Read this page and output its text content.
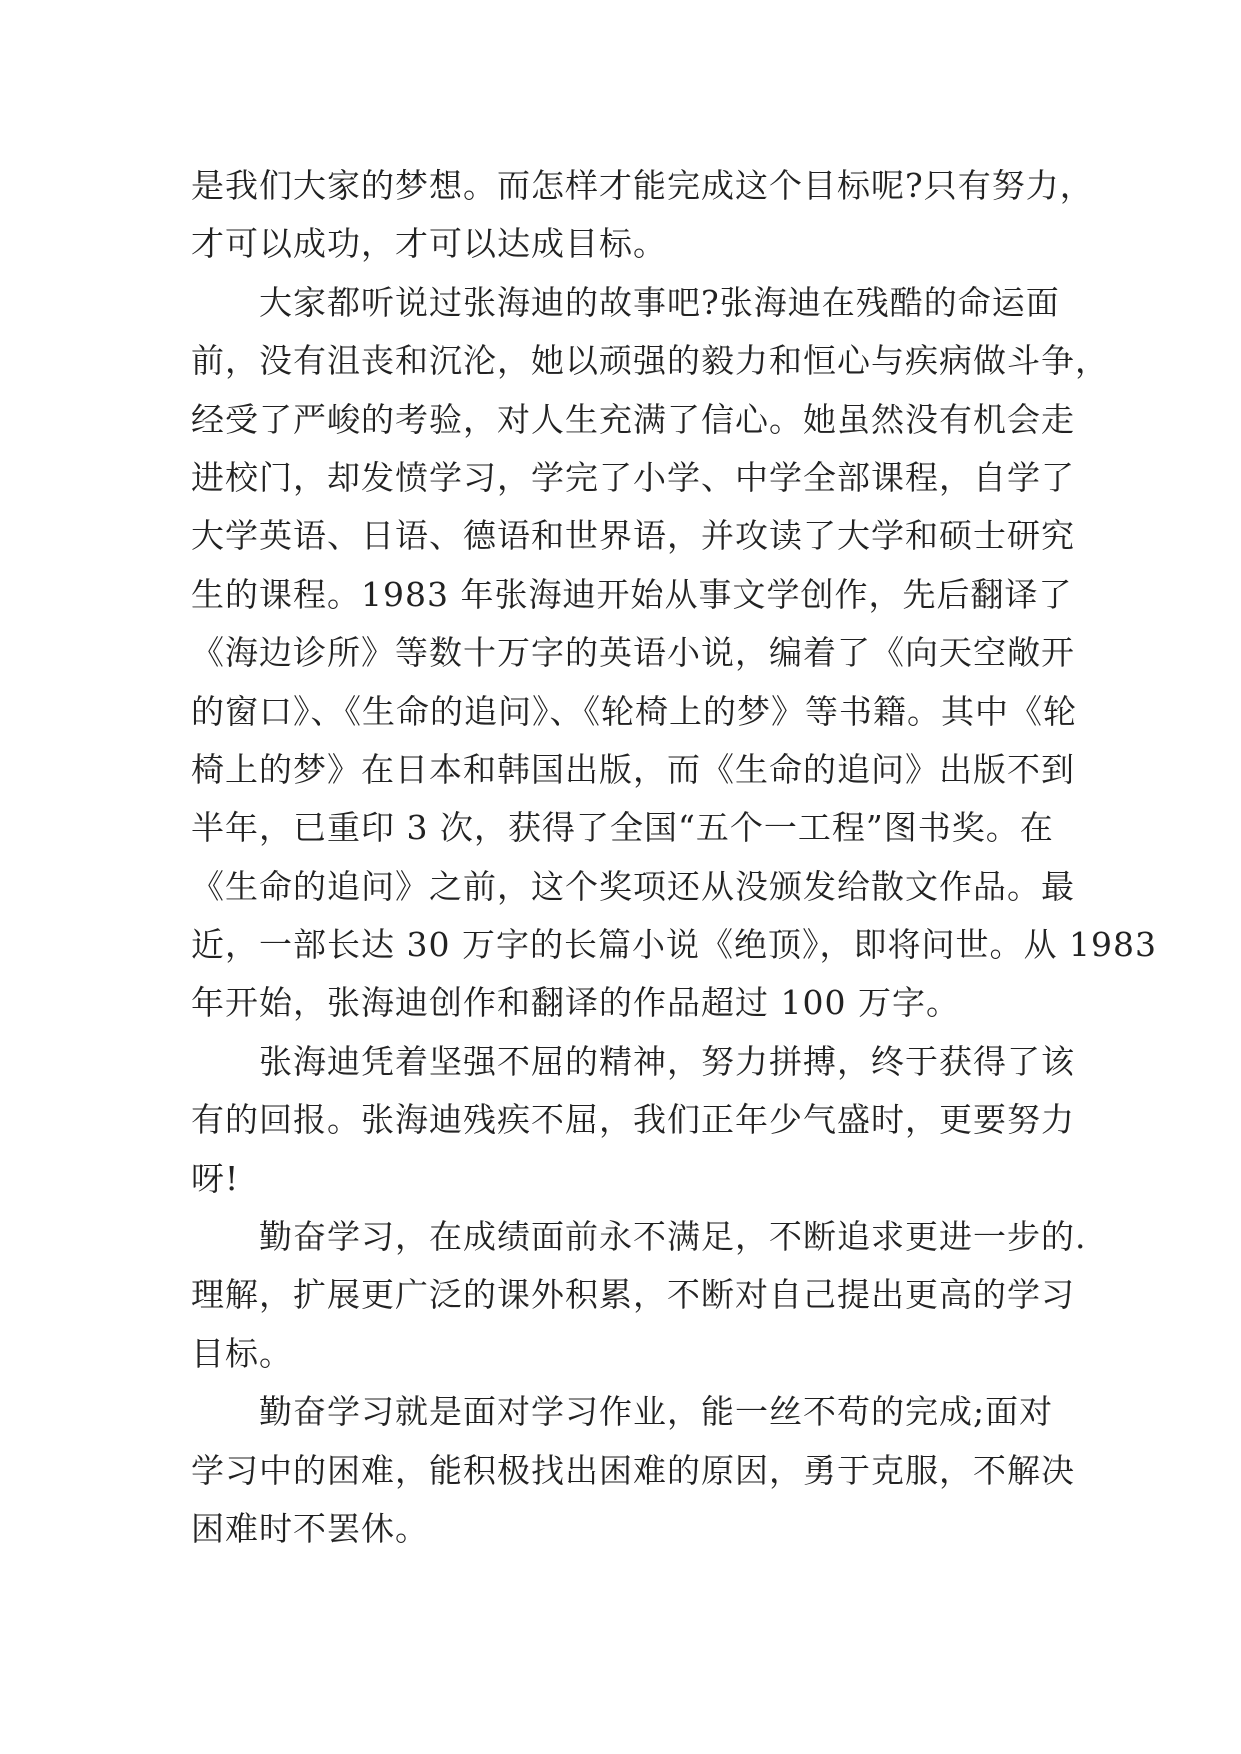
是我们大家的梦想。而怎样才能完成这个目标呢?只有努力，
才可以成功，才可以达成目标。
大家都听说过张海迪的故事吧?张海迪在残酷的命运面
前，没有沮丧和沉沦，她以顽强的毅力和恒心与疾病做斗争，
经受了严峻的考验，对人生充满了信心。她虽然没有机会走
进校门，却发愤学习，学完了小学、中学全部课程，自学了
大学英语、日语、德语和世界语，并攻读了大学和硕士研究
生的课程。1983 年张海迪开始从事文学创作，先后翻译了
《海边诊所》等数十万字的英语小说，编着了《向天空敞开
的窗口》、《生命的追问》、《轮椅上的梦》等书籍。其中《轮
椅上的梦》在日本和韩国出版，而《生命的追问》出版不到
半年，已重印 3 次，获得了全国“五个一工程”图书奖。在
《生命的追问》之前，这个奖项还从没颁发给散文作品。最
近，一部长达 30 万字的长篇小说《绝顶》，即将问世。从 1983
年开始，张海迪创作和翻译的作品超过 100 万字。
张海迪凭着坚强不屈的精神，努力拼搏，终于获得了该
有的回报。张海迪残疾不屈，我们正年少气盛时，更要努力
呀!
勤奋学习，在成绩面前永不满足，不断追求更进一步的.
理解，扩展更广泛的课外积累，不断对自己提出更高的学习
目标。
勤奋学习就是面对学习作业，能一丝不苟的完成;面对
学习中的困难，能积极找出困难的原因，勇于克服，不解决
困难时不罢休。
